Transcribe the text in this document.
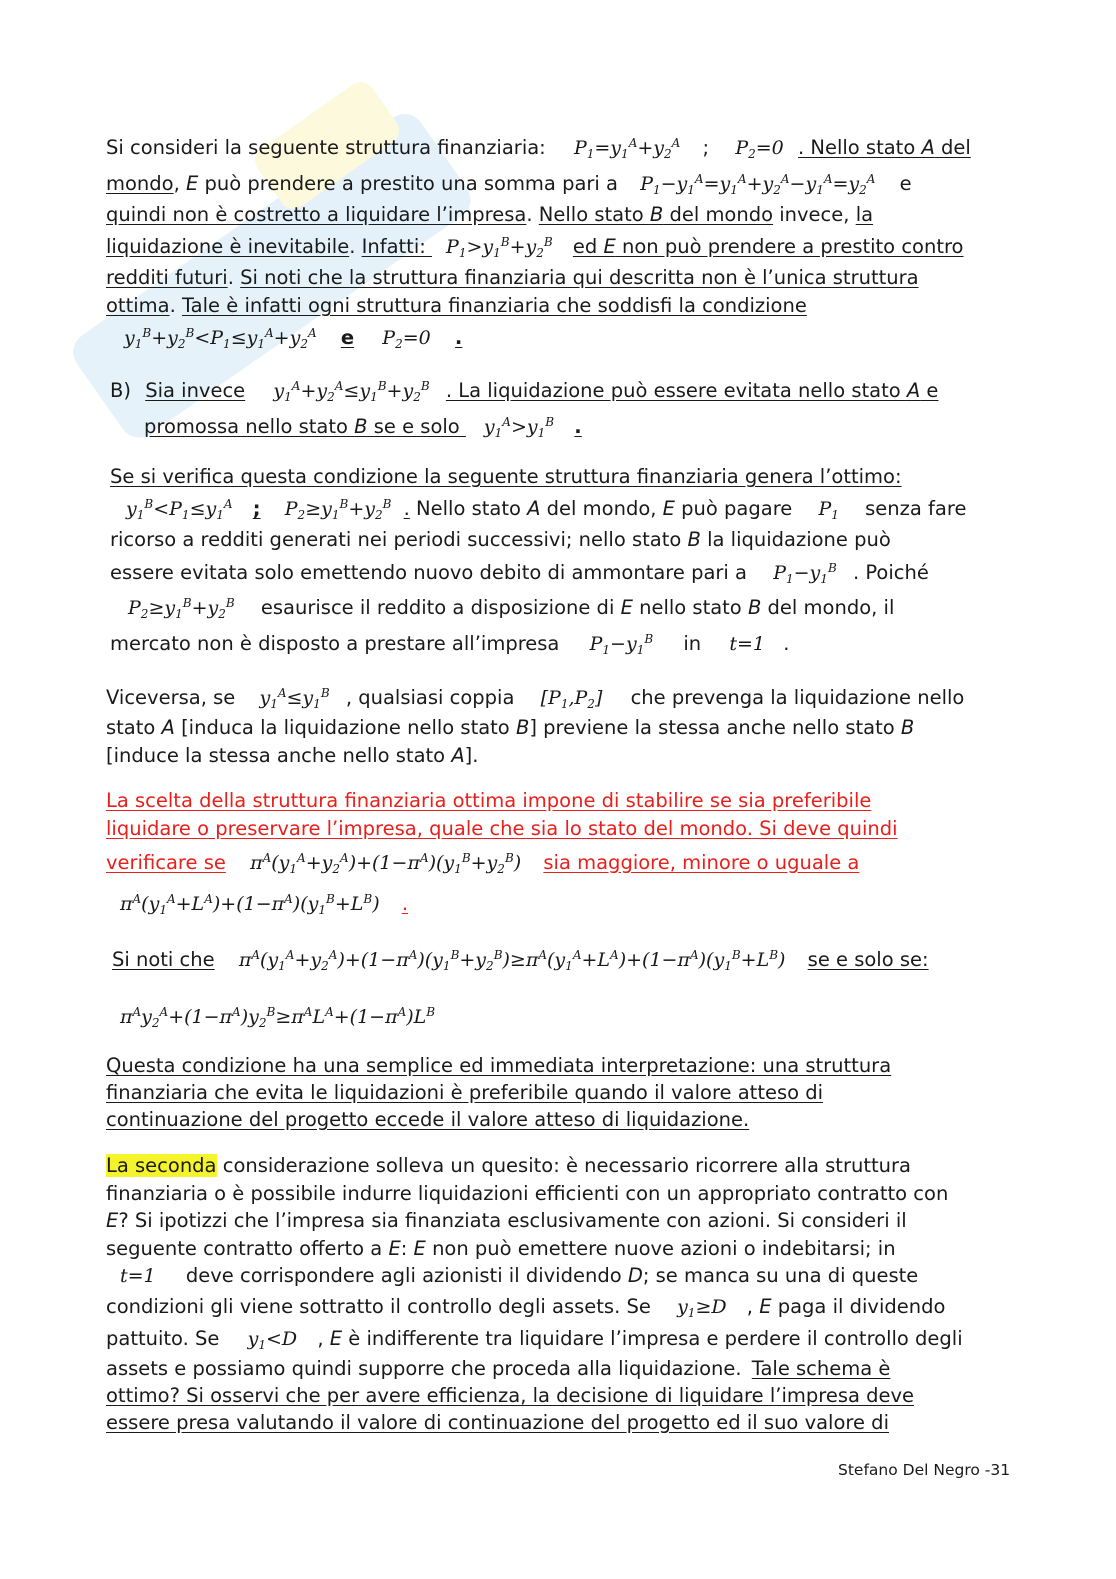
Si consideri la seguente struttura finanziaria: $P_1=y_1^A+y_2^A$ ; $P_2=0$ . Nello stato A del
mondo, E può prendere a prestito una somma pari a $P_1-y_1^A=y_1^A+y_2^A-y_1^A=y_2^A$ e
quindi non è costretto a liquidare l’impresa. Nello stato B del mondo invece, la
liquidazione è inevitabile. Infatti: $P_1>y_1^B+y_2^B$ ed E non può prendere a prestito contro
redditi futuri. Si noti che la struttura finanziaria qui descritta non è l’unica struttura
ottima. Tale è infatti ogni struttura finanziaria che soddisfi la condizione
$y_1^B+y_2^B<P_1\le y_1^A+y_2^A$ e $P_2=0$ .
B) Sia invece $y_1^A+y_2^A\le y_1^B+y_2^B$ . La liquidazione può essere evitata nello stato A e
promossa nello stato B se e solo $y_1^A>y_1^B$ .
Se si verifica questa condizione la seguente struttura finanziaria genera l’ottimo:
$y_1^B<P_1\le y_1^A$ ; $P_2\ge y_1^B+y_2^B$ . Nello stato A del mondo, E può pagare $P_1$ senza fare
ricorso a redditi generati nei periodi successivi; nello stato B la liquidazione può
essere evitata solo emettendo nuovo debito di ammontare pari a $P_1-y_1^B$ . Poiché
$P_2\ge y_1^B+y_2^B$ esaurisce il reddito a disposizione di E nello stato B del mondo, il
mercato non è disposto a prestare all’impresa $P_1-y_1^B$ in t=1 .
Viceversa, se $y_1^A\le y_1^B$ , qualsiasi coppia $[P_1,P_2]$ che prevenga la liquidazione nello
stato A [induca la liquidazione nello stato B] previene la stessa anche nello stato B
[induce la stessa anche nello stato A].
La scelta della struttura finanziaria ottima impone di stabilire se sia preferibile
liquidare o preservare l’impresa, quale che sia lo stato del mondo. Si deve quindi
verificare se $\pi^A(y_1^A+y_2^A)+(1-\pi^A)(y_1^B+y_2^B)$ sia maggiore, minore o uguale a
$\pi^A(y_1^A+L^A)+(1-\pi^A)(y_1^B+L^B)$ .
Si noti che $\pi^A(y_1^A+y_2^A)+(1-\pi^A)(y_1^B+y_2^B)\ge\pi^A(y_1^A+L^A)+(1-\pi^A)(y_1^B+L^B)$ se e solo se:
$\pi^Ay_2^A+(1-\pi^A)y_2^B\ge\pi^AL^A+(1-\pi^A)L^B$
Questa condizione ha una semplice ed immediata interpretazione: una struttura
finanziaria che evita le liquidazioni è preferibile quando il valore atteso di
continuazione del progetto eccede il valore atteso di liquidazione.
La seconda considerazione solleva un quesito: è necessario ricorrere alla struttura
finanziaria o è possibile indurre liquidazioni efficienti con un appropriato contratto con
E? Si ipotizzi che l’impresa sia finanziata esclusivamente con azioni. Si consideri il
seguente contratto offerto a E: E non può emettere nuove azioni o indebitarsi; in
t=1 deve corrispondere agli azionisti il dividendo D; se manca su una di queste
condizioni gli viene sottratto il controllo degli assets. Se $y_1\ge D$ , E paga il dividendo
pattuito. Se $y_1<D$ , E è indifferente tra liquidare l’impresa e perdere il controllo degli
assets e possiamo quindi supporre che proceda alla liquidazione. Tale schema è
ottimo? Si osservi che per avere efficienza, la decisione di liquidare l’impresa deve
essere presa valutando il valore di continuazione del progetto ed il suo valore di
Stefano Del Negro -31
